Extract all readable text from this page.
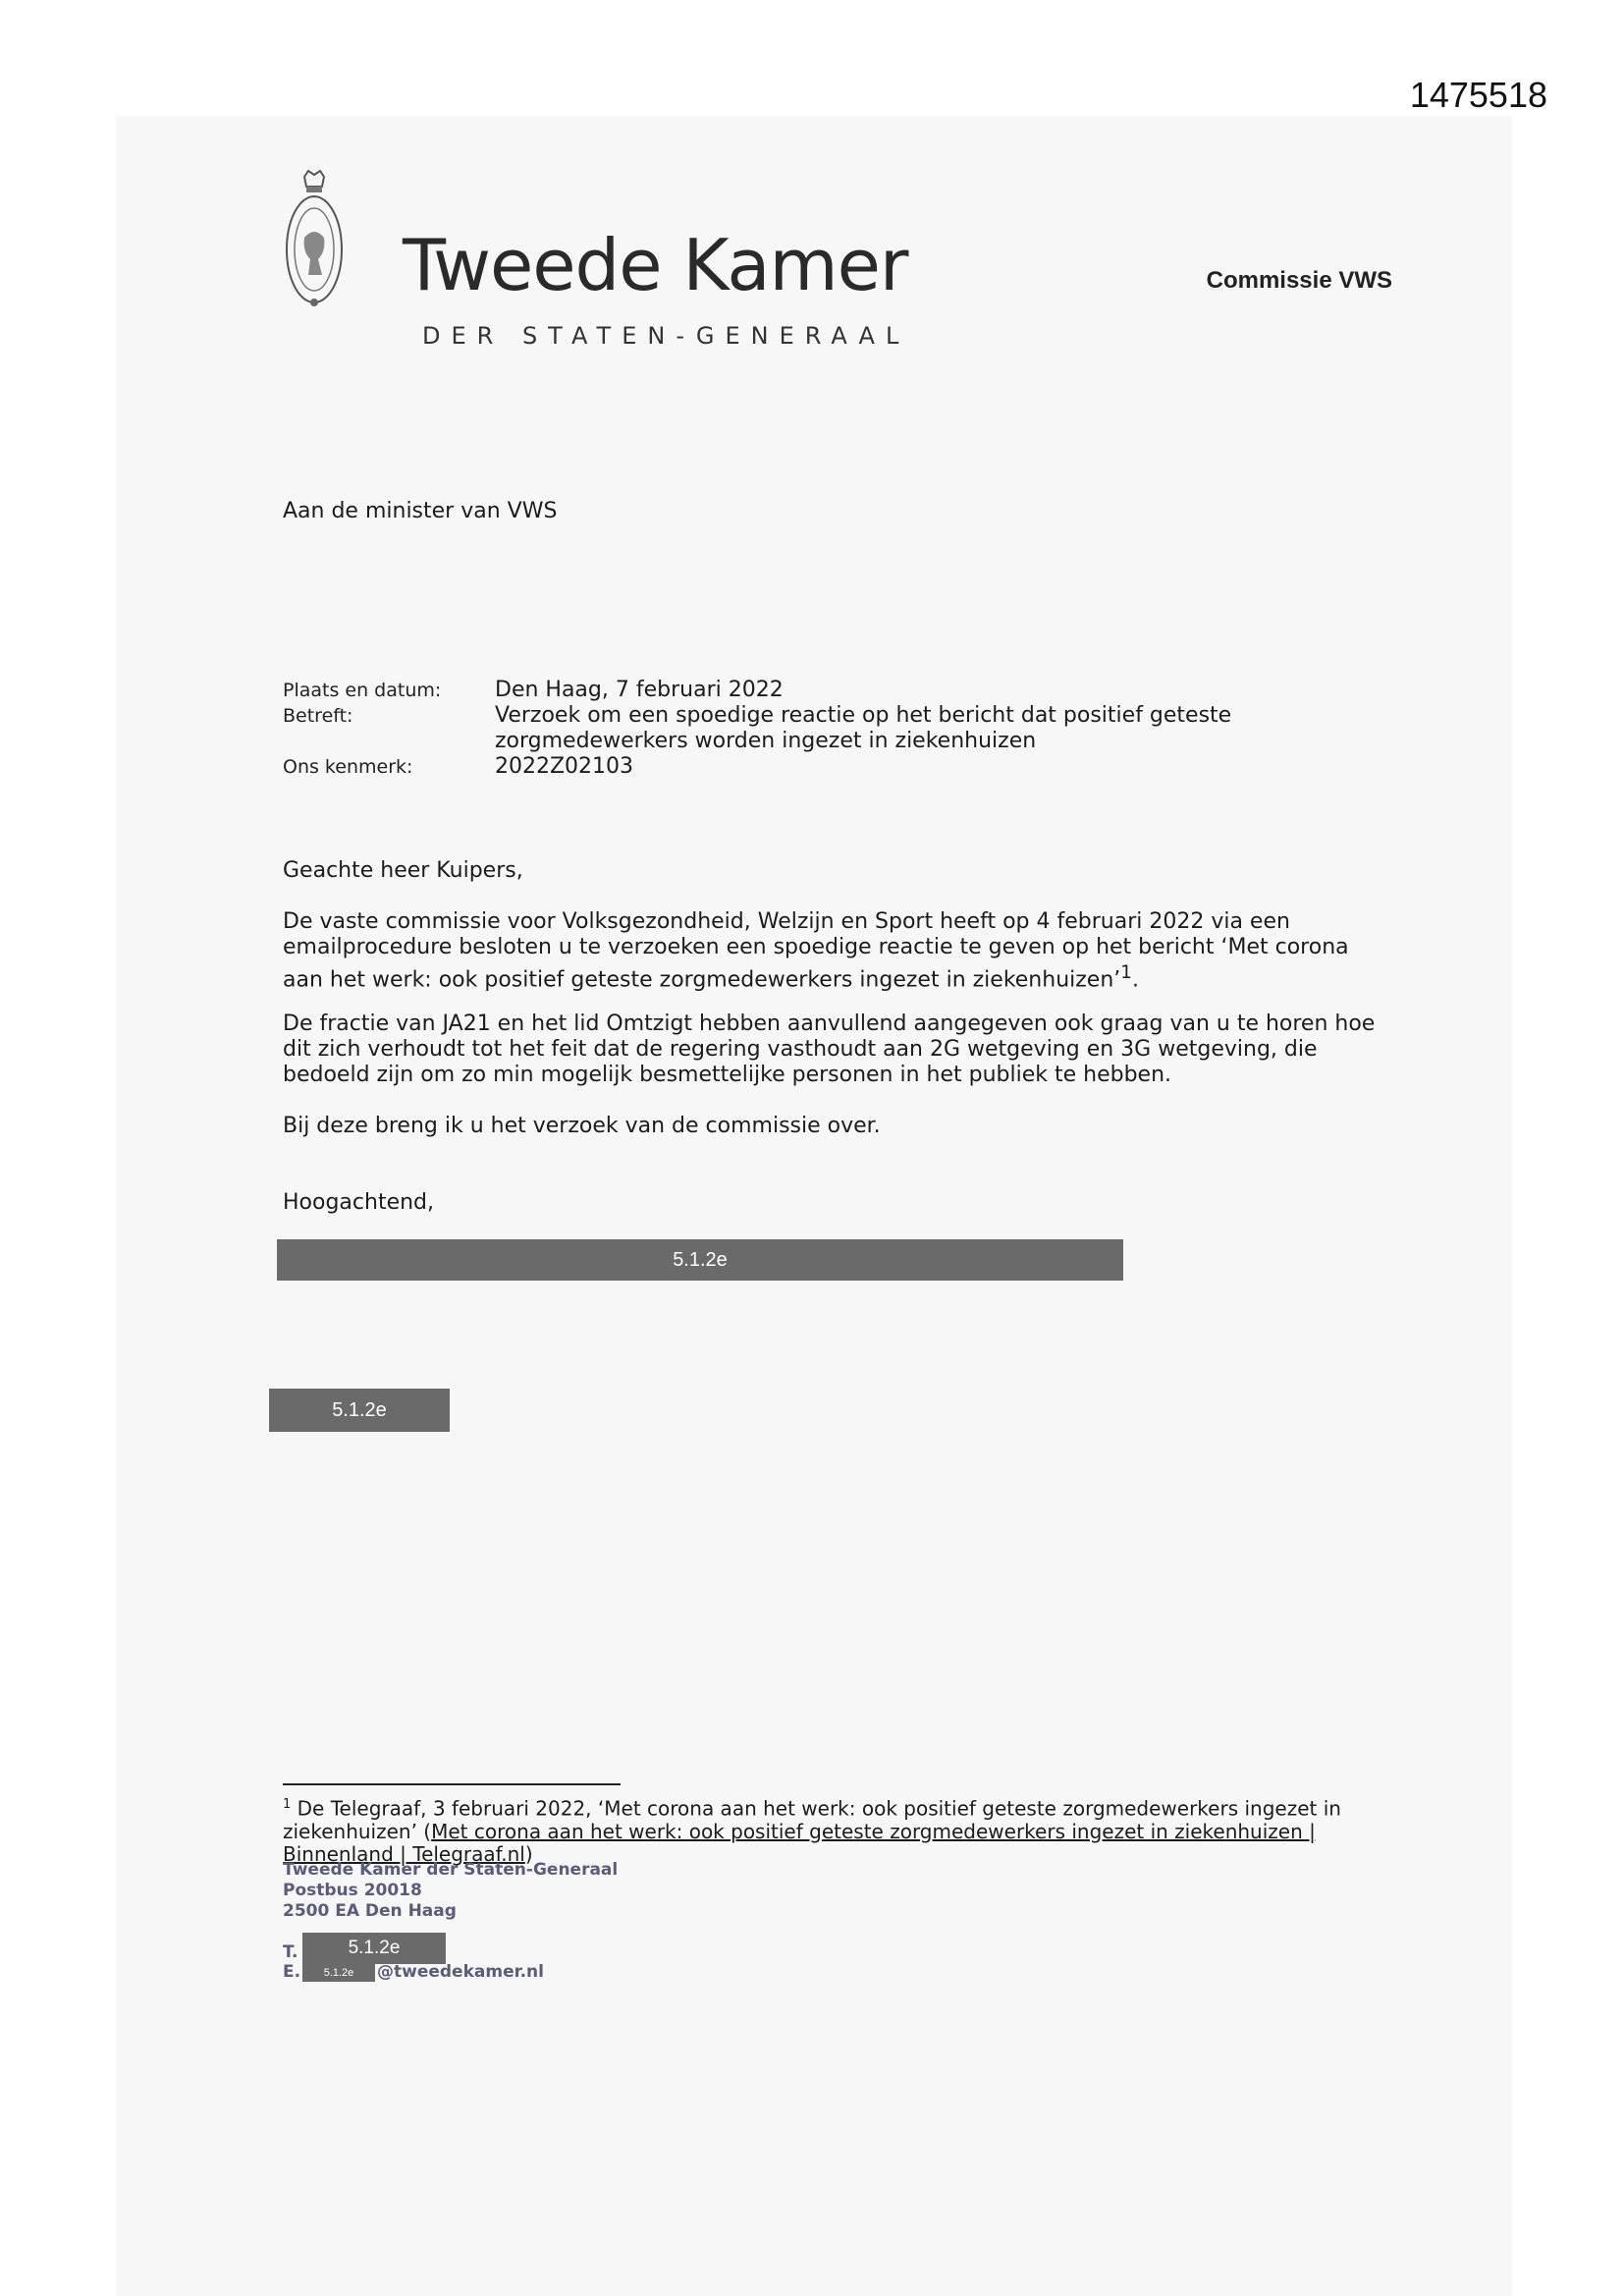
1475518
Tweede Kamer
DER STATEN-GENERAAL
Commissie VWS
Aan de minister van VWS
Plaats en datum:	Den Haag, 7 februari 2022
Betreft:	Verzoek om een spoedige reactie op het bericht dat positief geteste zorgmedewerkers worden ingezet in ziekenhuizen
Ons kenmerk:	2022Z02103
Geachte heer Kuipers,

De vaste commissie voor Volksgezondheid, Welzijn en Sport heeft op 4 februari 2022 via een emailprocedure besloten u te verzoeken een spoedige reactie te geven op het bericht ‘Met corona aan het werk: ook positief geteste zorgmedewerkers ingezet in ziekenhuizen’$^1$.

De fractie van JA21 en het lid Omtzigt hebben aanvullend aangegeven ook graag van u te horen hoe dit zich verhoudt tot het feit dat de regering vasthoudt aan 2G wetgeving en 3G wetgeving, die bedoeld zijn om zo min mogelijk besmettelijke personen in het publiek te hebben.

Bij deze breng ik u het verzoek van de commissie over.

Hoogachtend,
5.1.2e
5.1.2e
$^1$ De Telegraaf, 3 februari 2022, ‘Met corona aan het werk: ook positief geteste zorgmedewerkers ingezet in ziekenhuizen’ (Met corona aan het werk: ook positief geteste zorgmedewerkers ingezet in ziekenhuizen | Binnenland | Telegraaf.nl)
Tweede Kamer der Staten-Generaal
Postbus 20018
2500 EA Den Haag
T.
E.
5.1.2e
5.1.2e	@tweedekamer.nl
